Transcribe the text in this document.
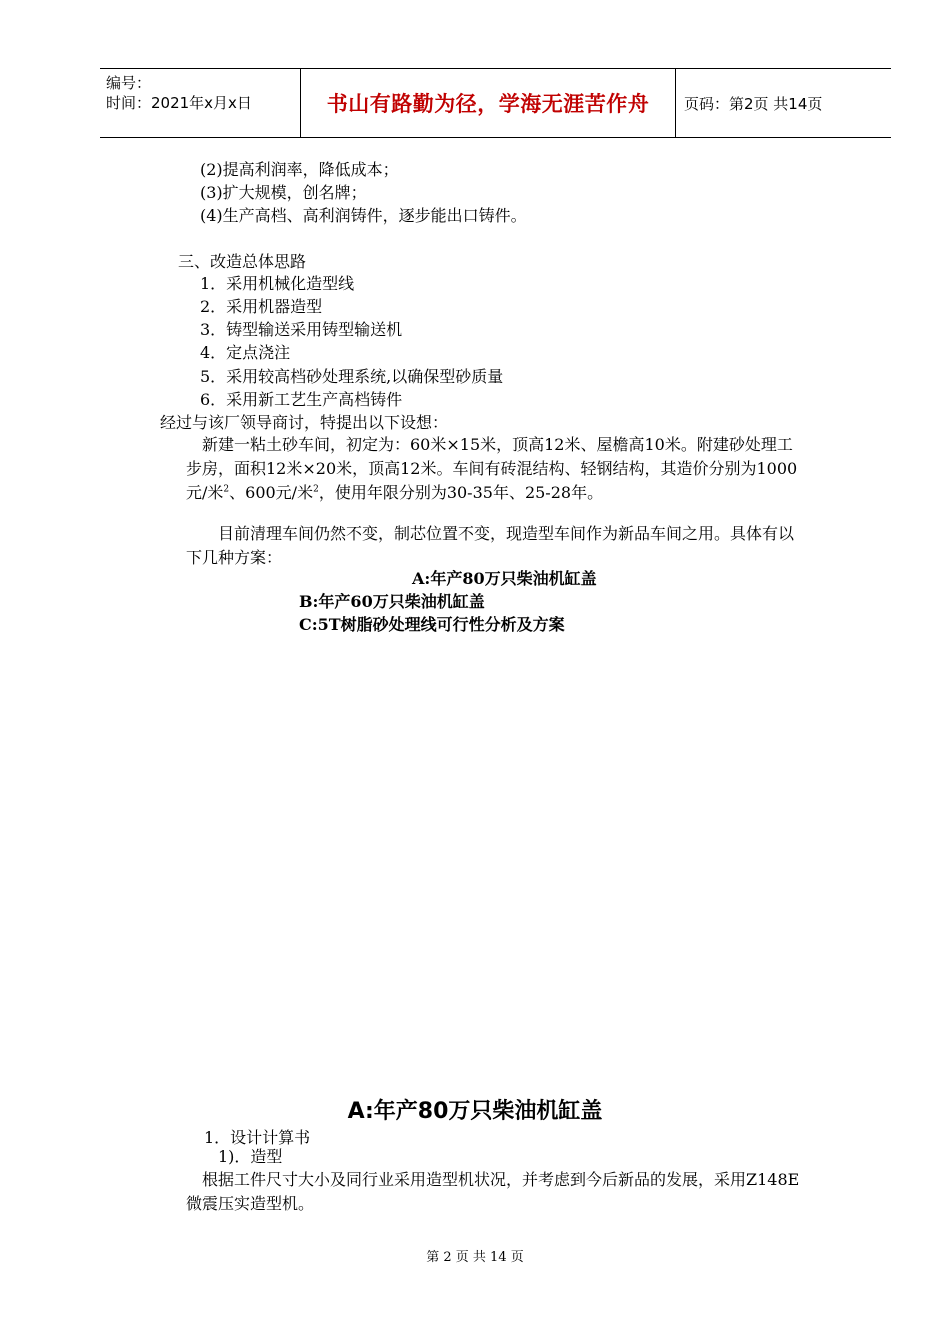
编号：
时间：2021年x月x日	书山有路勤为径，学海无涯苦作舟	页码：第2页 共14页
(2)提高利润率，降低成本；
(3)扩大规模，创名牌；
(4)生产高档、高利润铸件，逐步能出口铸件。
三、改造总体思路
1．采用机械化造型线
2．采用机器造型
3．铸型输送采用铸型输送机
4．定点浇注
5．采用较高档砂处理系统,以确保型砂质量
6．采用新工艺生产高档铸件
经过与该厂领导商讨，特提出以下设想：
新建一粘土砂车间，初定为：60米×15米，顶高12米、屋檐高10米。附建砂处理工步房，面积12米×20米，顶高12米。车间有砖混结构、轻钢结构，其造价分别为1000元/米$^2$、600元/米$^2$，使用年限分别为30-35年、25-28年。
目前清理车间仍然不变，制芯位置不变，现造型车间作为新品车间之用。具体有以下几种方案：
A:年产80万只柴油机缸盖
B:年产60万只柴油机缸盖
C:5T树脂砂处理线可行性分析及方案
A:年产80万只柴油机缸盖
1．设计计算书
1)．造型
根据工件尺寸大小及同行业采用造型机状况，并考虑到今后新品的发展，采用Z148E微震压实造型机。
第 2 页 共 14 页
